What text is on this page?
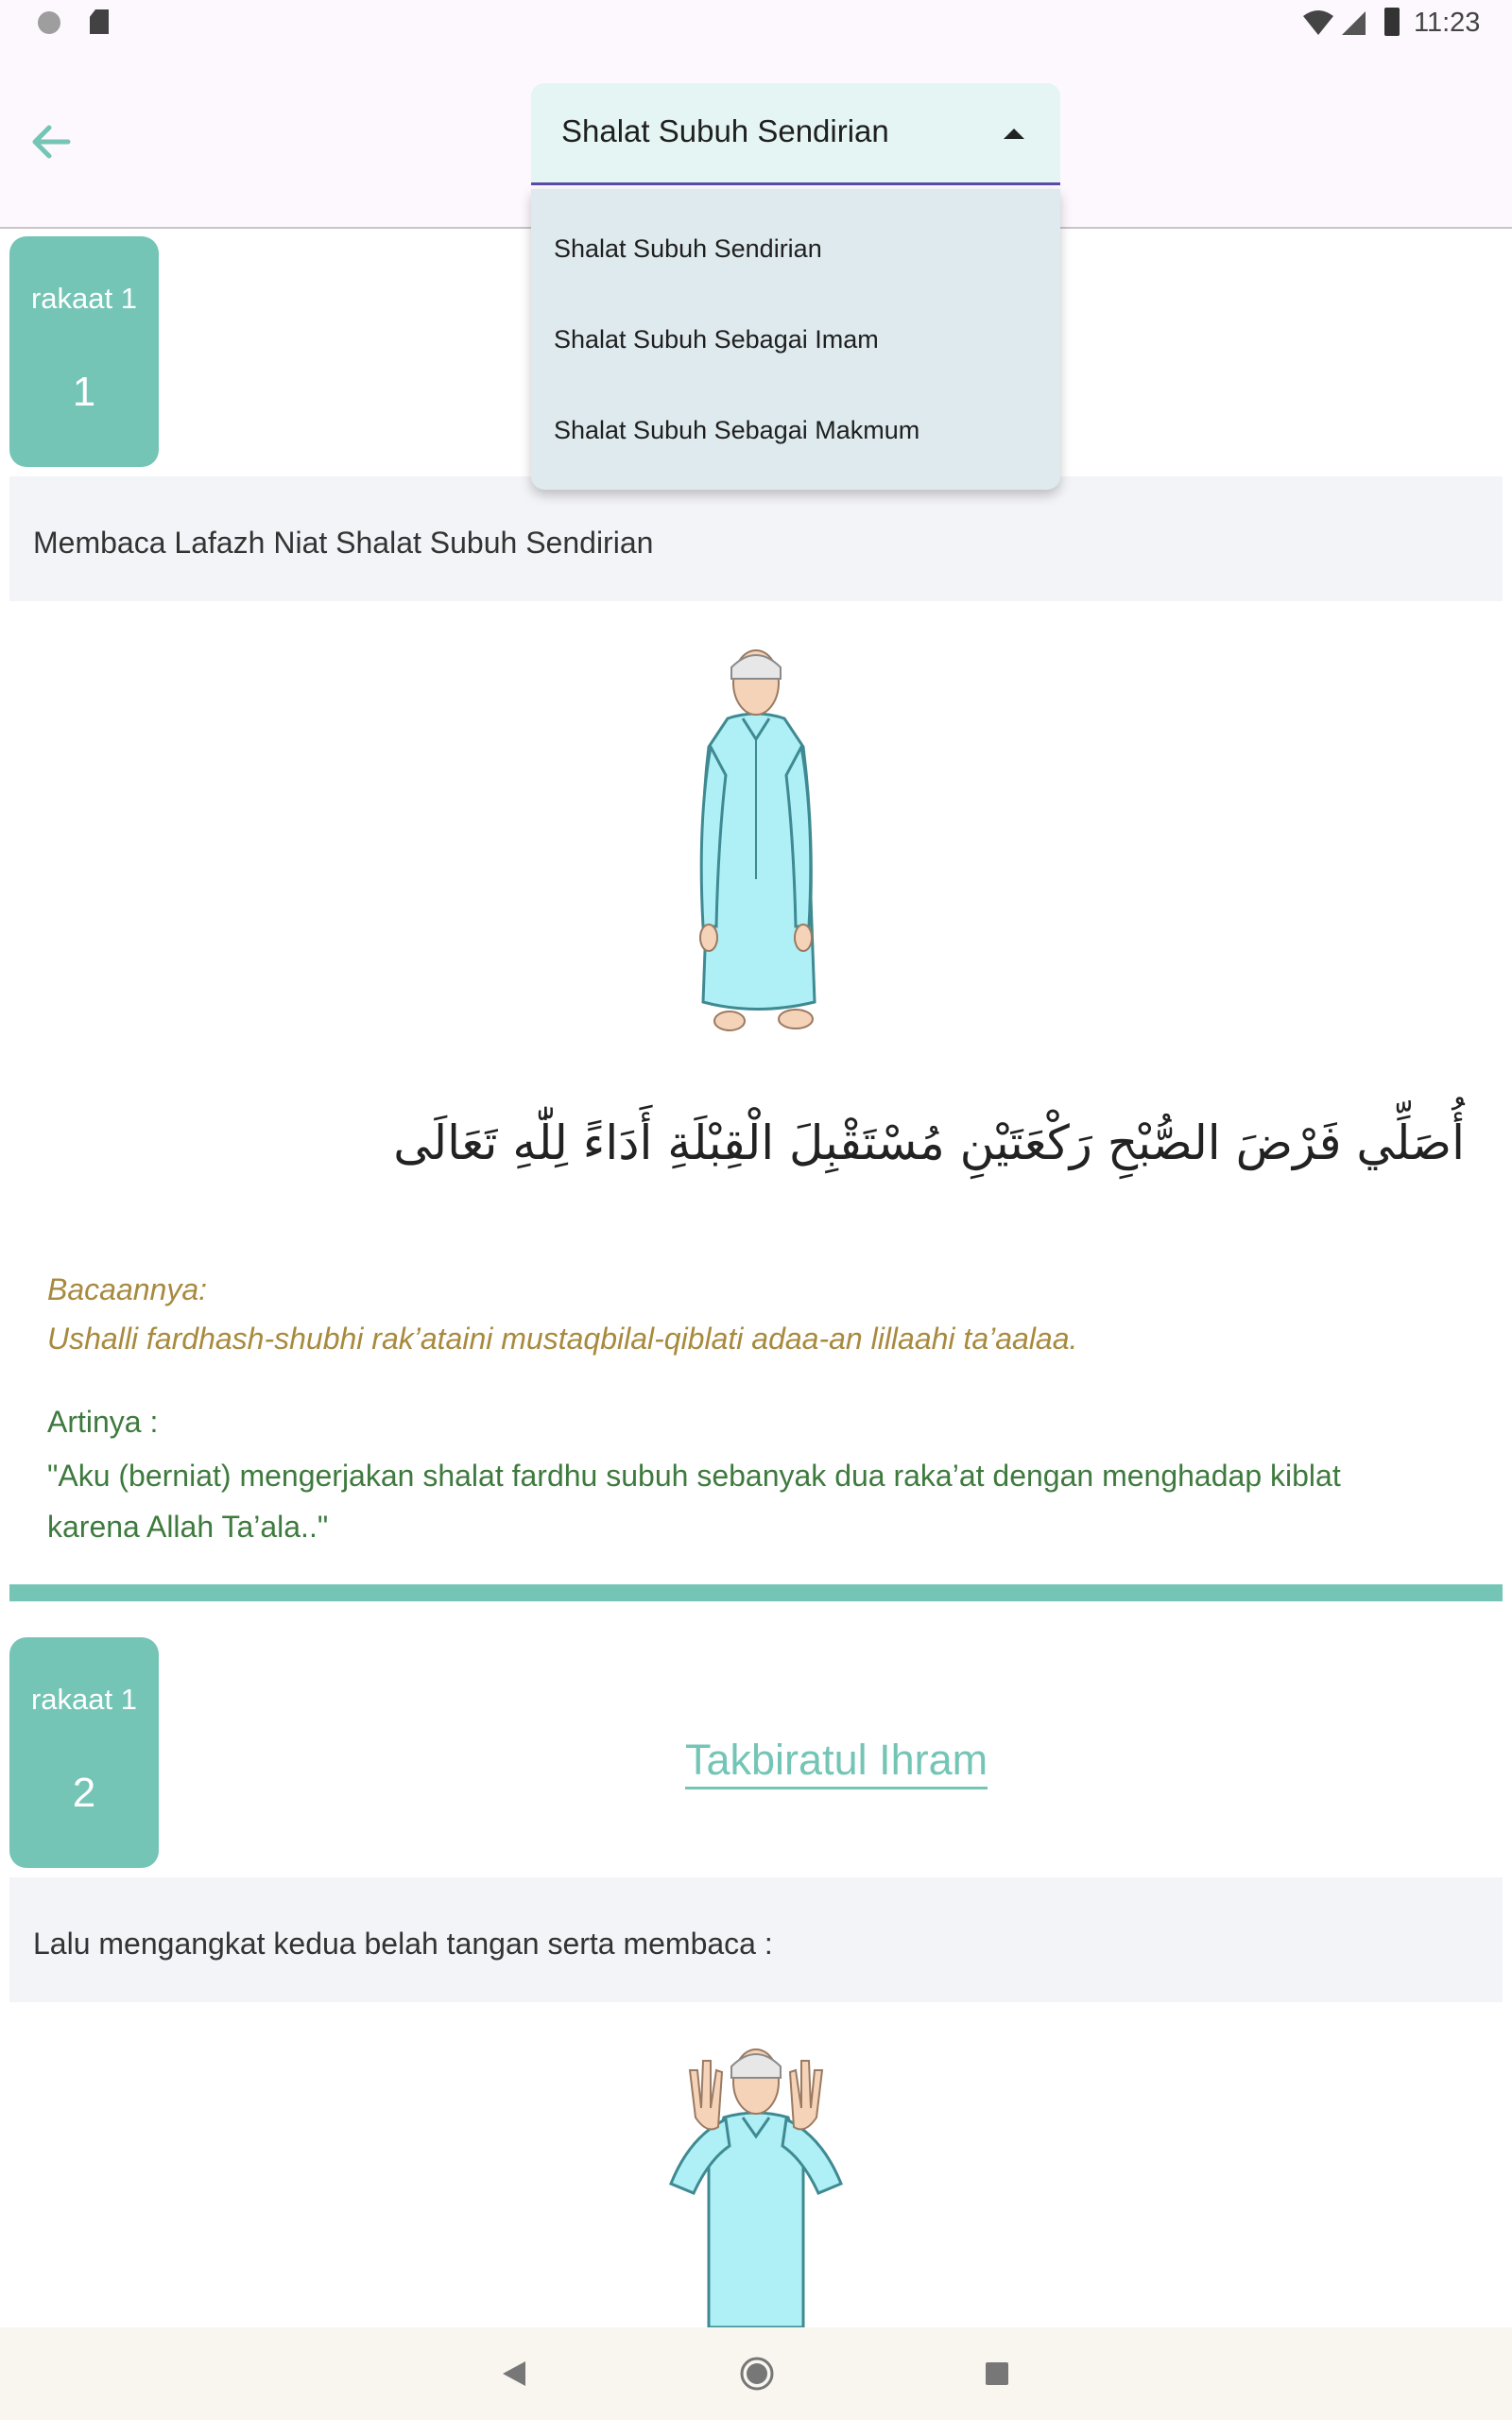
11:23
Shalat Subuh Sendirian
Shalat Subuh Sendirian
Shalat Subuh Sebagai Imam
Shalat Subuh Sebagai Makmum
rakaat 1
1
Membaca Lafazh Niat Shalat Subuh Sendirian
أُصَلِّي فَرْضَ الصُّبْحِ رَكْعَتَيْنِ مُسْتَقْبِلَ الْقِبْلَةِ أَدَاءً لِلّٰهِ تَعَالَى
Bacaannya:
Ushalli fardhash-shubhi rak’ataini mustaqbilal-qiblati adaa-an lillaahi ta’aalaa.
Artinya :
"Aku (berniat) mengerjakan shalat fardhu subuh sebanyak dua raka’at dengan menghadap kiblat karena Allah Ta’ala.."
rakaat 1
2
Takbiratul Ihram
Lalu mengangkat kedua belah tangan serta membaca :
